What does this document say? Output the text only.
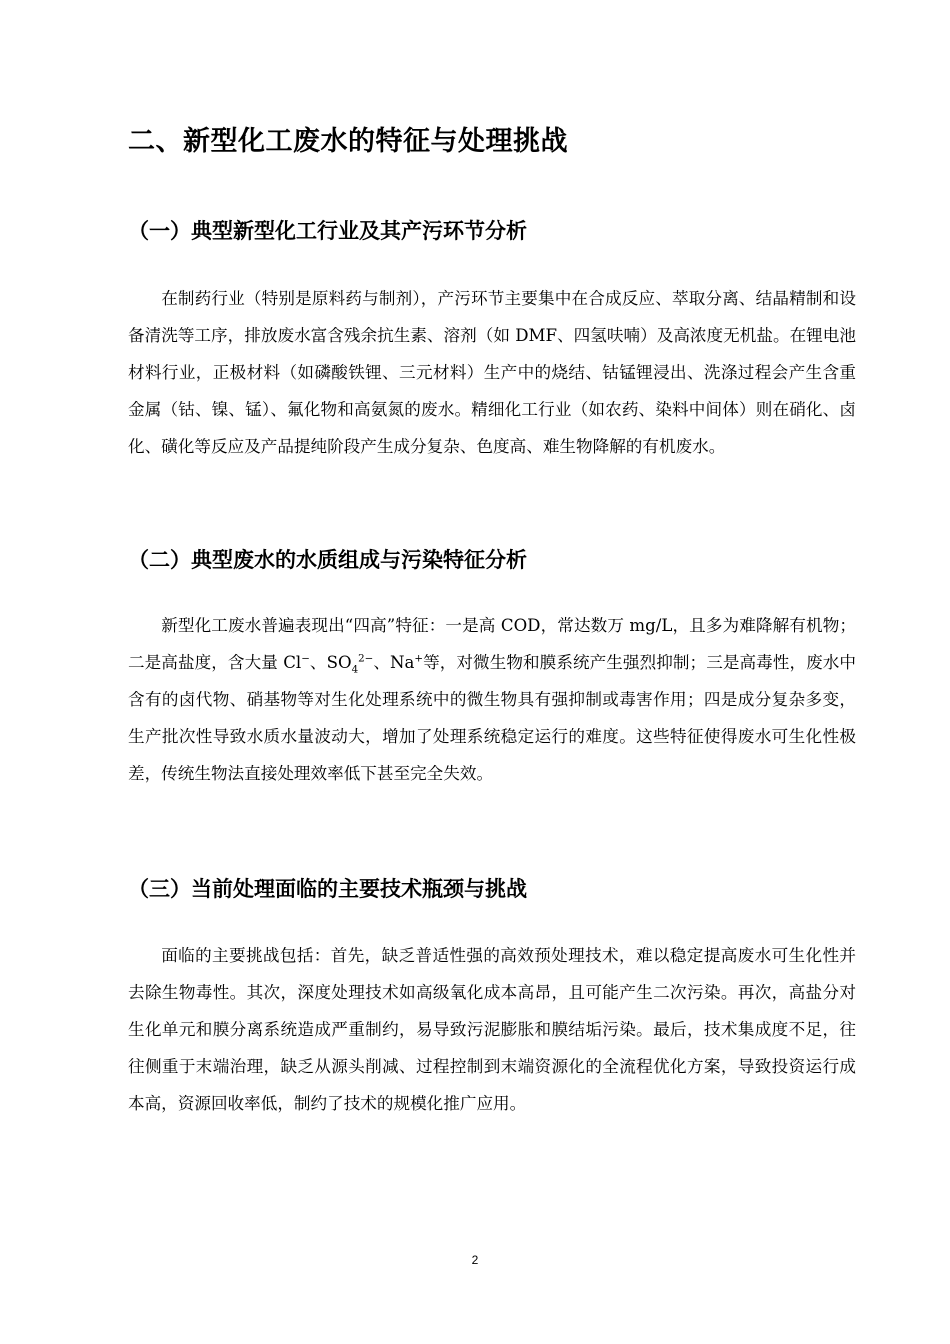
二、新型化工废水的特征与处理挑战
（一）典型新型化工行业及其产污环节分析

在制药行业（特别是原料药与制剂），产污环节主要集中在合成反应、萃取分离、结晶精制和设备清洗等工序，排放废水富含残余抗生素、溶剂（如 DMF、四氢呋喃）及高浓度无机盐。在锂电池材料行业，正极材料（如磷酸铁锂、三元材料）生产中的烧结、钴锰锂浸出、洗涤过程会产生含重金属（钴、镍、锰）、氟化物和高氨氮的废水。精细化工行业（如农药、染料中间体）则在硝化、卤化、磺化等反应及产品提纯阶段产生成分复杂、色度高、难生物降解的有机废水。

（二）典型废水的水质组成与污染特征分析

新型化工废水普遍表现出“四高”特征：一是高 COD，常达数万 mg/L，且多为难降解有机物；二是高盐度，含大量 Cl−、$SO_4^{2-}$、Na+等，对微生物和膜系统产生强烈抑制；三是高毒性，废水中含有的卤代物、硝基物等对生化处理系统中的微生物具有强抑制或毒害作用；四是成分复杂多变，生产批次性导致水质水量波动大，增加了处理系统稳定运行的难度。这些特征使得废水可生化性极差，传统生物法直接处理效率低下甚至完全失效。

（三）当前处理面临的主要技术瓶颈与挑战

面临的主要挑战包括：首先，缺乏普适性强的高效预处理技术，难以稳定提高废水可生化性并去除生物毒性。其次，深度处理技术如高级氧化成本高昂，且可能产生二次污染。再次，高盐分对生化单元和膜分离系统造成严重制约，易导致污泥膨胀和膜结垢污染。最后，技术集成度不足，往往侧重于末端治理，缺乏从源头削减、过程控制到末端资源化的全流程优化方案，导致投资运行成本高，资源回收率低，制约了技术的规模化推广应用。

2
